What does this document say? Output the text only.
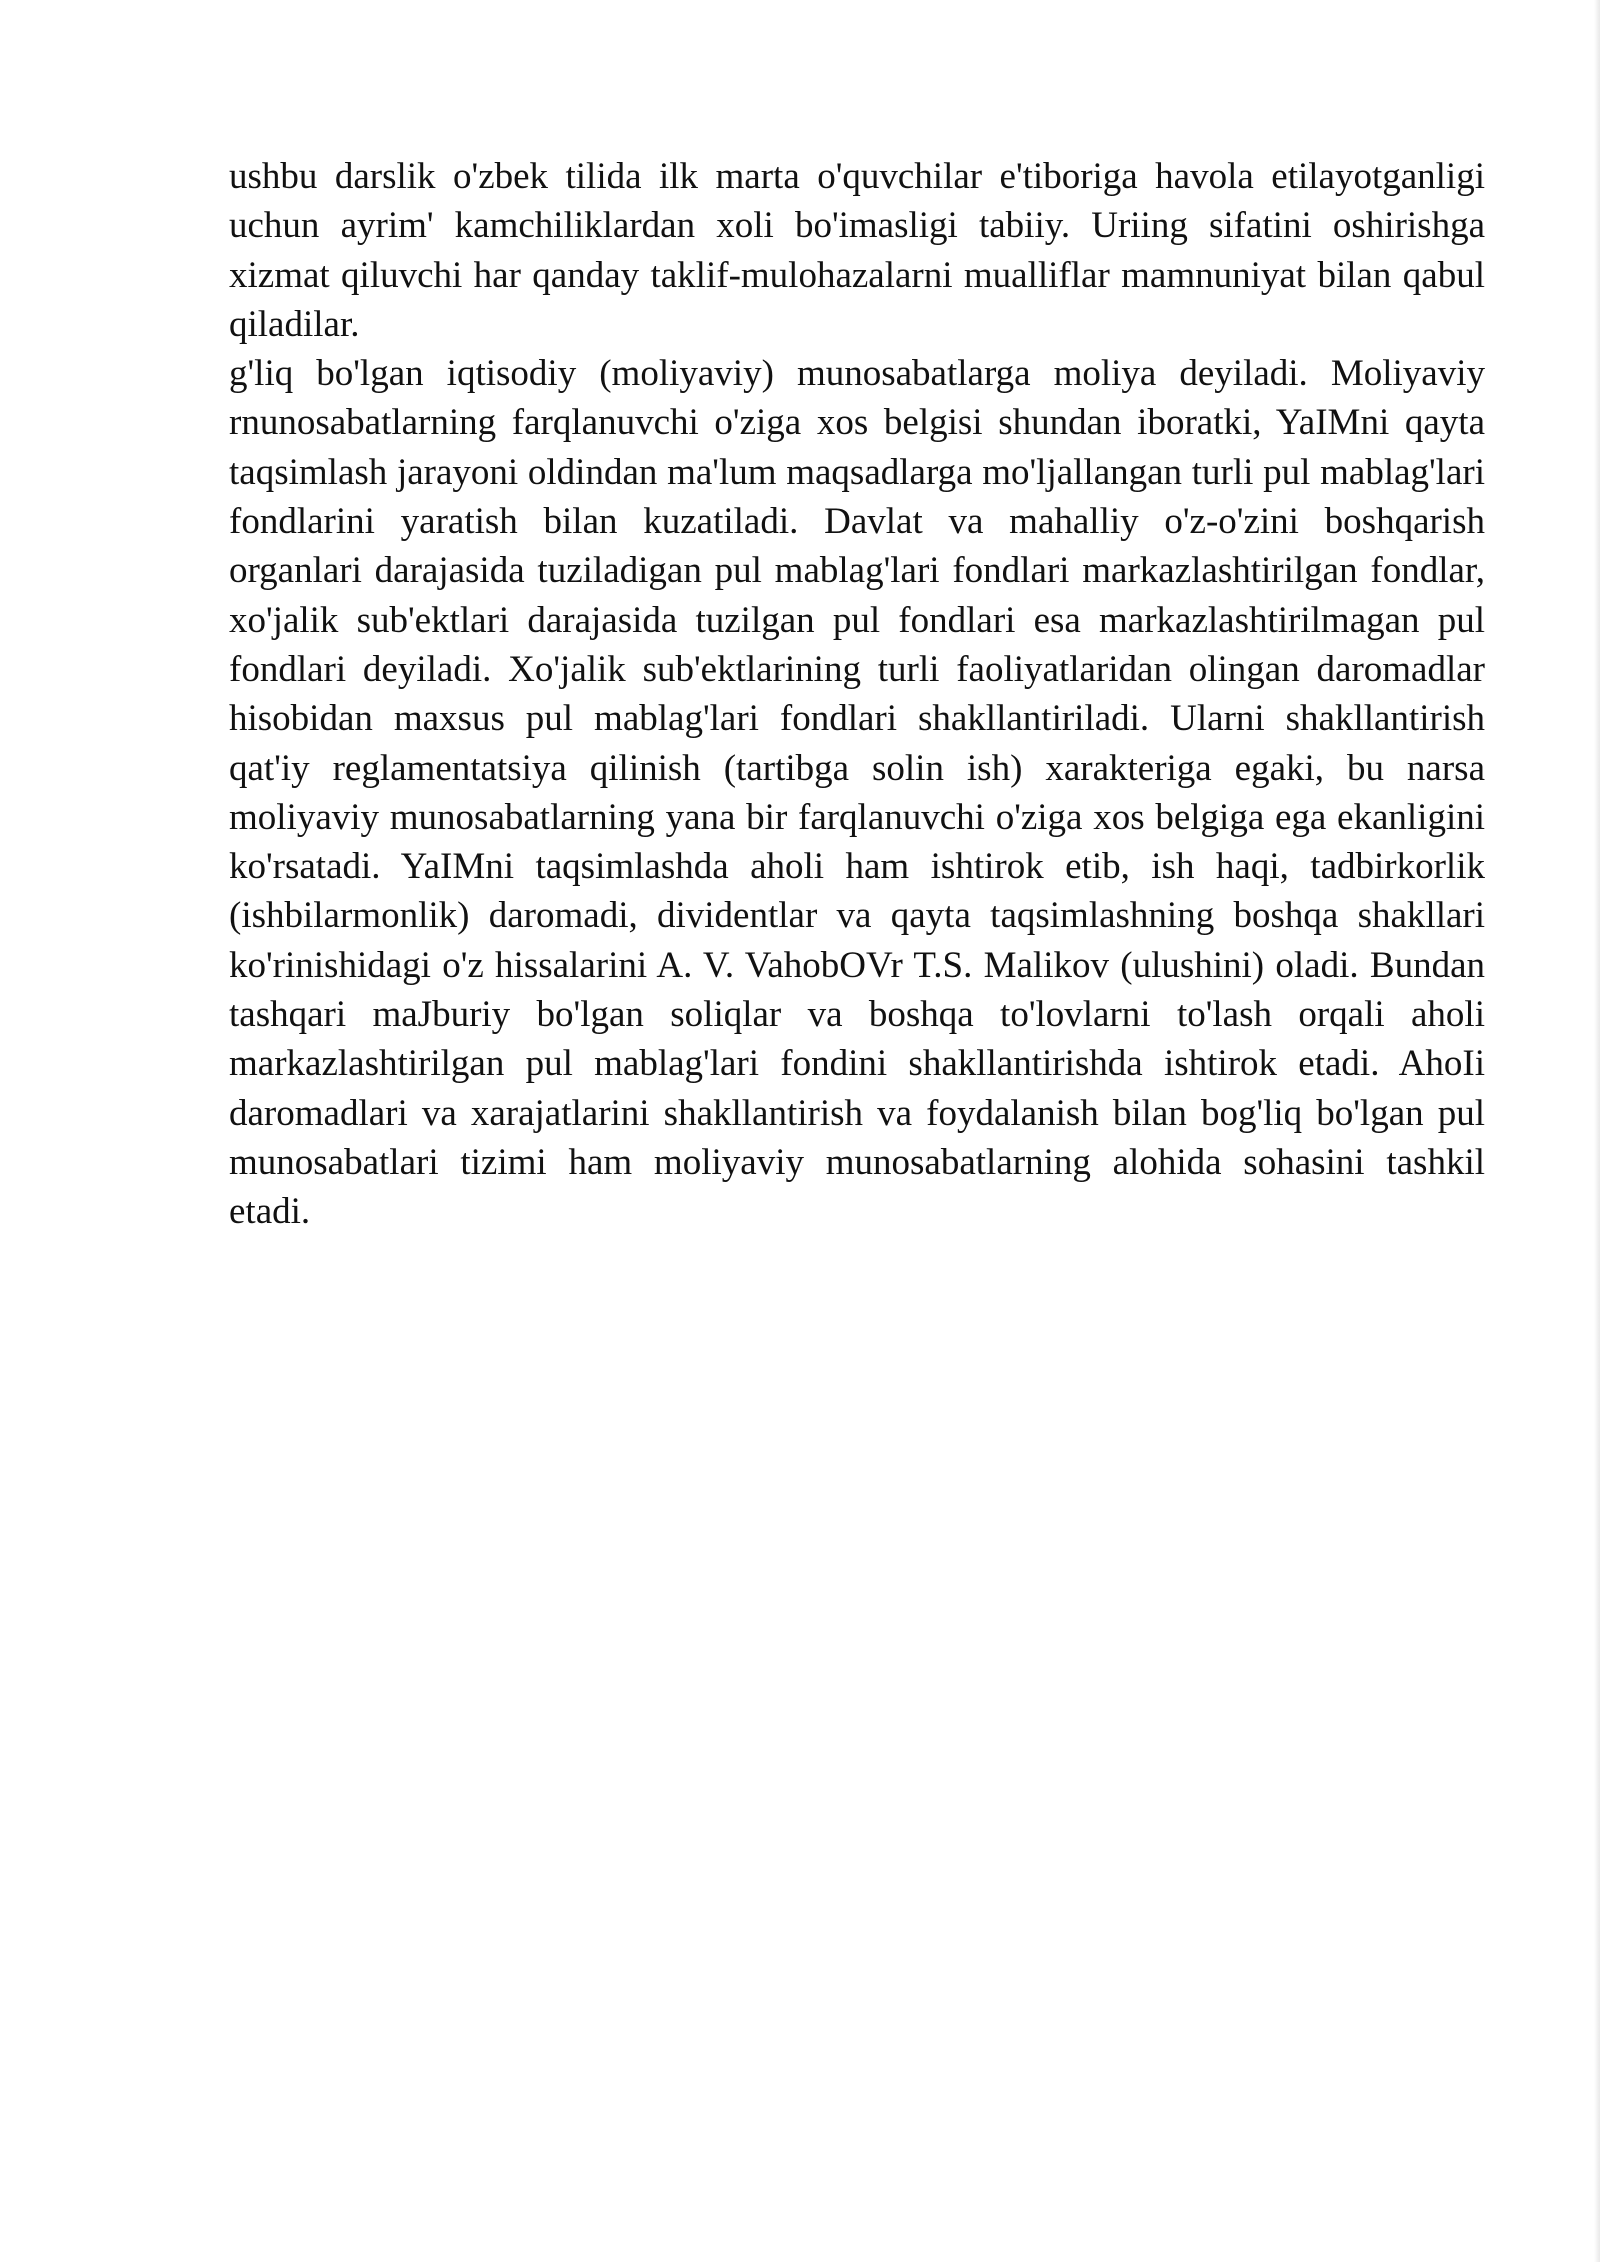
ushbu darslik o'zbek tilida ilk marta o'quvchilar e'tiboriga havola etilayotganligi uchun ayrim' kamchiliklardan xoli bo'imasligi tabiiy. Uriing sifatini oshirishga xizmat qiluvchi har qanday taklif-mulohazalarni mualliflar mamnuniyat bilan qabul qiladilar.

g'liq bo'lgan iqtisodiy (moliyaviy) munosabatlarga moliya deyiladi. Moliyaviy rnunosabatlarning farqlanuvchi o'ziga xos belgisi shundan iboratki, YaIMni qayta taqsimlash jarayoni oldindan ma'lum maqsadlarga mo'ljallangan turli pul mablag'lari fondlarini yaratish bilan kuzatiladi. Davlat va mahalliy o'z-o'zini boshqarish organlari darajasida tuziladigan pul mablag'lari fondlari markazlashtirilgan fondlar, xo'jalik sub'ektlari darajasida tuzilgan pul fondlari esa markazlashtirilmagan pul fondlari deyiladi. Xo'jalik sub'ektlarining turli faoliyatlaridan olingan daromadlar hisobidan maxsus pul mablag'lari fondlari shakllantiriladi. Ularni shakllantirish qat'iy reglamentatsiya qilinish (tartibga solin ish) xarakteriga egaki, bu narsa moliyaviy munosabatlarning yana bir farqlanuvchi o'ziga xos belgiga ega ekanligini ko'rsatadi. YaIMni taqsimlashda aholi ham ishtirok etib, ish haqi, tadbirkorlik (ishbilarmonlik) daromadi, dividentlar va qayta taqsimlashning boshqa shakllari ko'rinishidagi o'z hissalarini A. V. VahobOVr T.S. Malikov (ulushini) oladi. Bundan tashqari maJburiy bo'lgan soliqlar va boshqa to'lovlarni to'lash orqali aholi markazlashtirilgan pul mablag'lari fondini shakllantirishda ishtirok etadi. AhoIi daromadlari va xarajatlarini shakllantirish va foydalanish bilan bog'liq bo'lgan pul munosabatlari tizimi ham moliyaviy munosabatlarning alohida sohasini tashkil etadi.
